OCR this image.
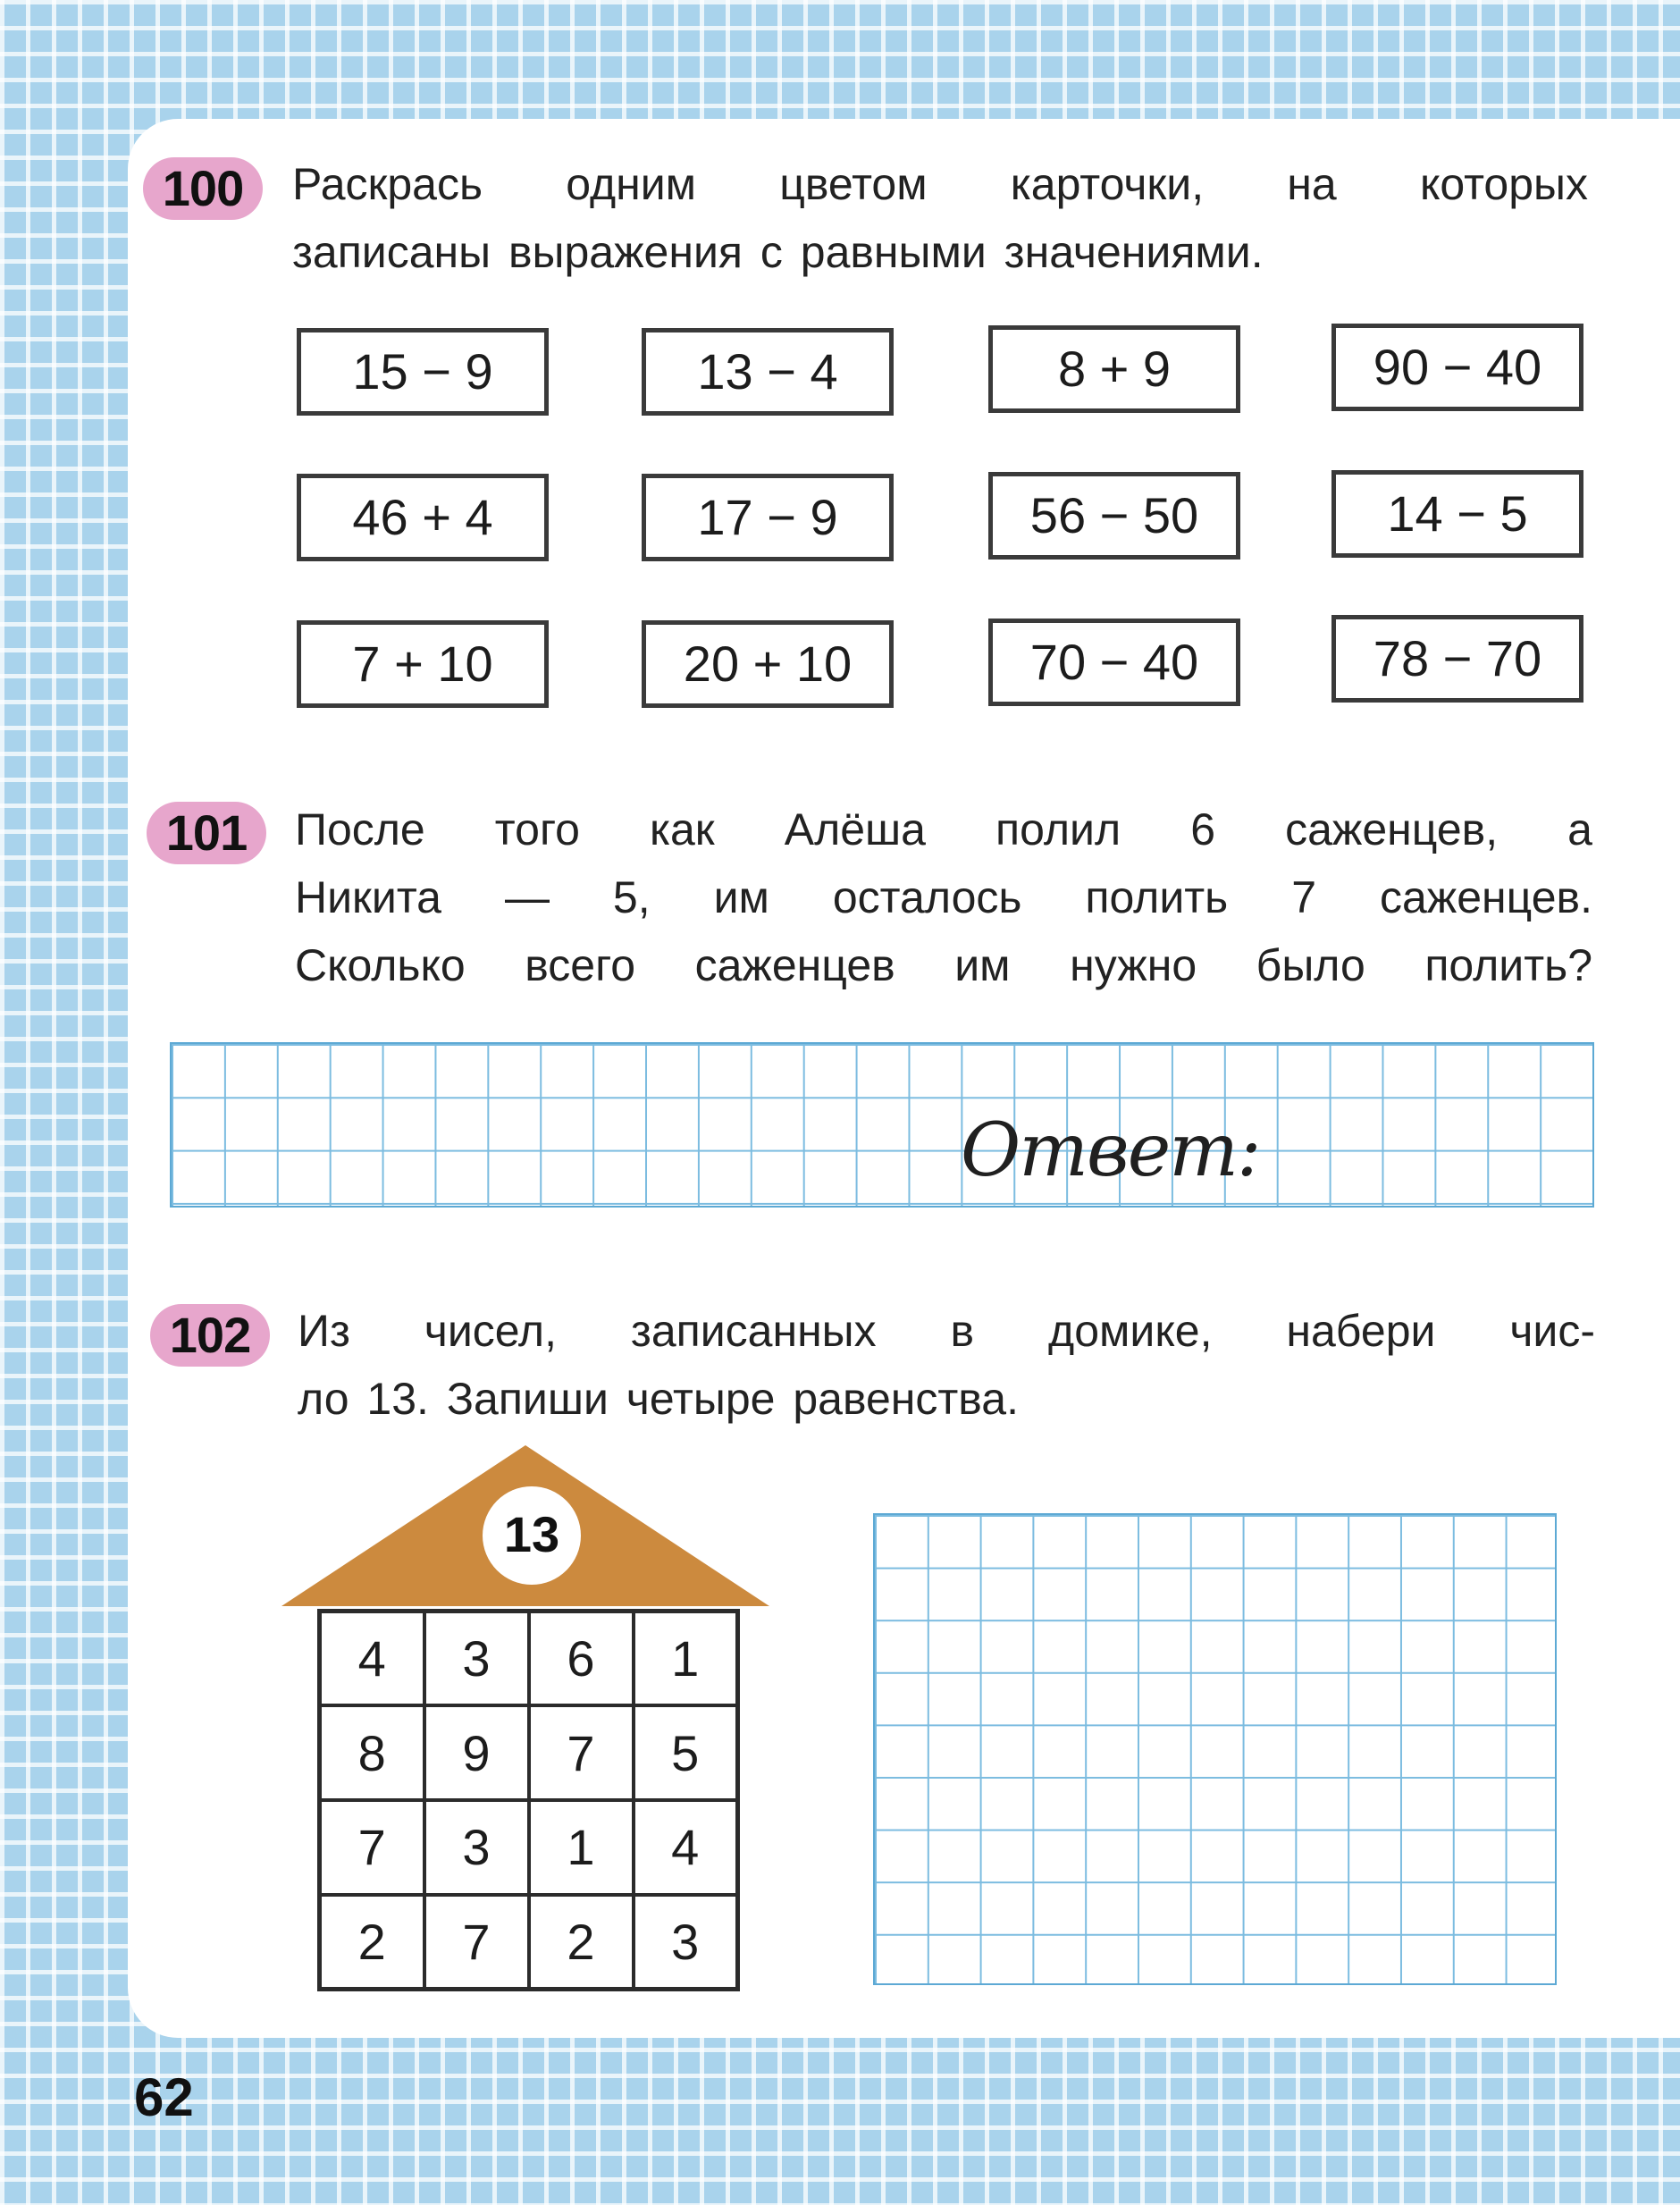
100	Раскрась одним цветом карточки, на которых
записаны выражения с равными значениями.
15 − 9	13 − 4	8 + 9	90 − 40
46 + 4	17 − 9	56 − 50	14 − 5
7 + 10	20 + 10	70 − 40	78 − 70
101	После того как Алёша полил 6 саженцев, а
Никита — 5, им осталось полить 7 саженцев.
Сколько всего саженцев им нужно было полить?
Ответ:
102	Из чисел, записанных в домике, набери чис-
ло 13. Запиши четыре равенства.
13
4	3	6	1
8	9	7	5
7	3	1	4
2	7	2	3
62
